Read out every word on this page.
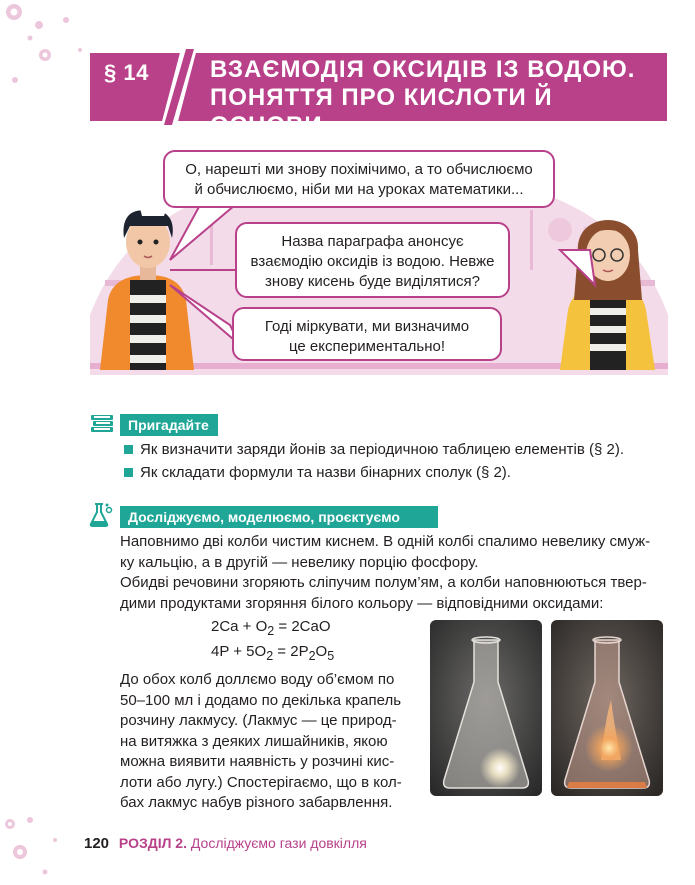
§ 14	ВЗАЄМОДІЯ ОКСИДІВ ІЗ ВОДОЮ.
ПОНЯТТЯ ПРО КИСЛОТИ Й ОСНОВИ
О, нарешті ми знову похімічимо, а то обчислюємо
й обчислюємо, ніби ми на уроках математики...
Назва параграфа анонсує
взаємодію оксидів із водою. Невже
знову кисень буде виділятися?
Годі міркувати, ми визначимо
це експериментально!
Пригадайте
Як визначити заряди йонів за періодичною таблицею елементів (§ 2).
Як складати формули та назви бінарних сполук (§ 2).
Досліджуємо, моделюємо, проєктуємо
Наповнимо дві колби чистим киснем. В одній колбі спалимо невелику смуж-
ку кальцію, а в другій — невелику порцію фосфору.
Обидві речовини згоряють сліпучим полум’ям, а колби наповнюються твер-
дими продуктами згоряння білого кольору — відповідними оксидами:
$2Ca + O_2 = 2CaO$
$4P + 5O_2 = 2P_2O_5$
До обох колб доллємо воду об’ємом по
50–100 мл і додамо по декілька крапель
розчину лакмусу. (Лакмус — це природ-
на витяжка з деяких лишайників, якою
можна виявити наявність у розчині кис-
лоти або лугу.) Спостерігаємо, що в кол-
бах лакмус набув різного забарвлення.
120 РОЗДІЛ 2. Досліджуємо гази довкілля
